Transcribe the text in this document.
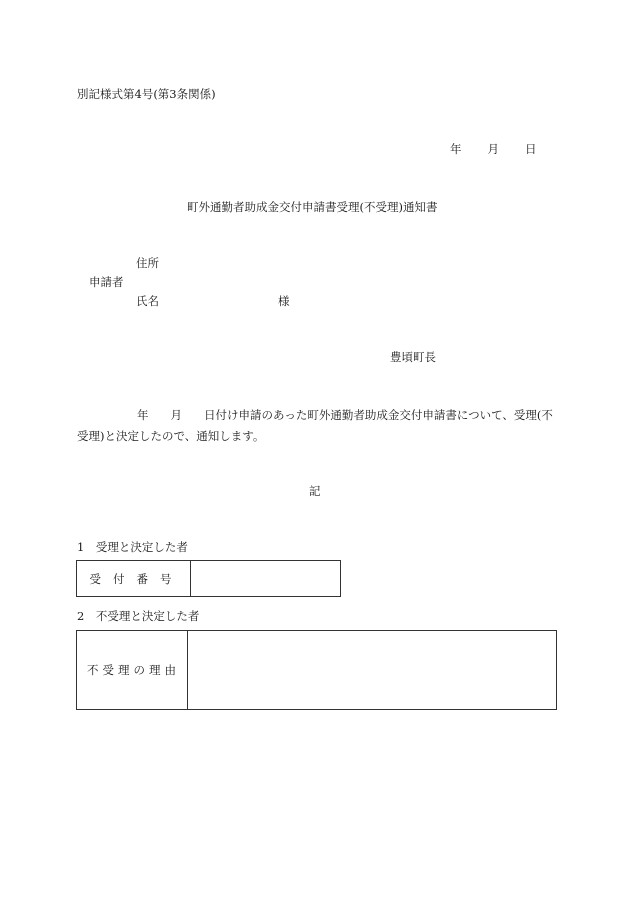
別記様式第4号(第3条関係)
年 月 日
町外通勤者助成金交付申請書受理(不受理)通知書
住所
申請者
氏名	様
豊頃町長
年 月 日付け申請のあった町外通勤者助成金交付申請書について、受理(不受理)と決定したので、通知します。
記
1　受理と決定した者
受付番号	
2　不受理と決定した者
不受理の理由	
